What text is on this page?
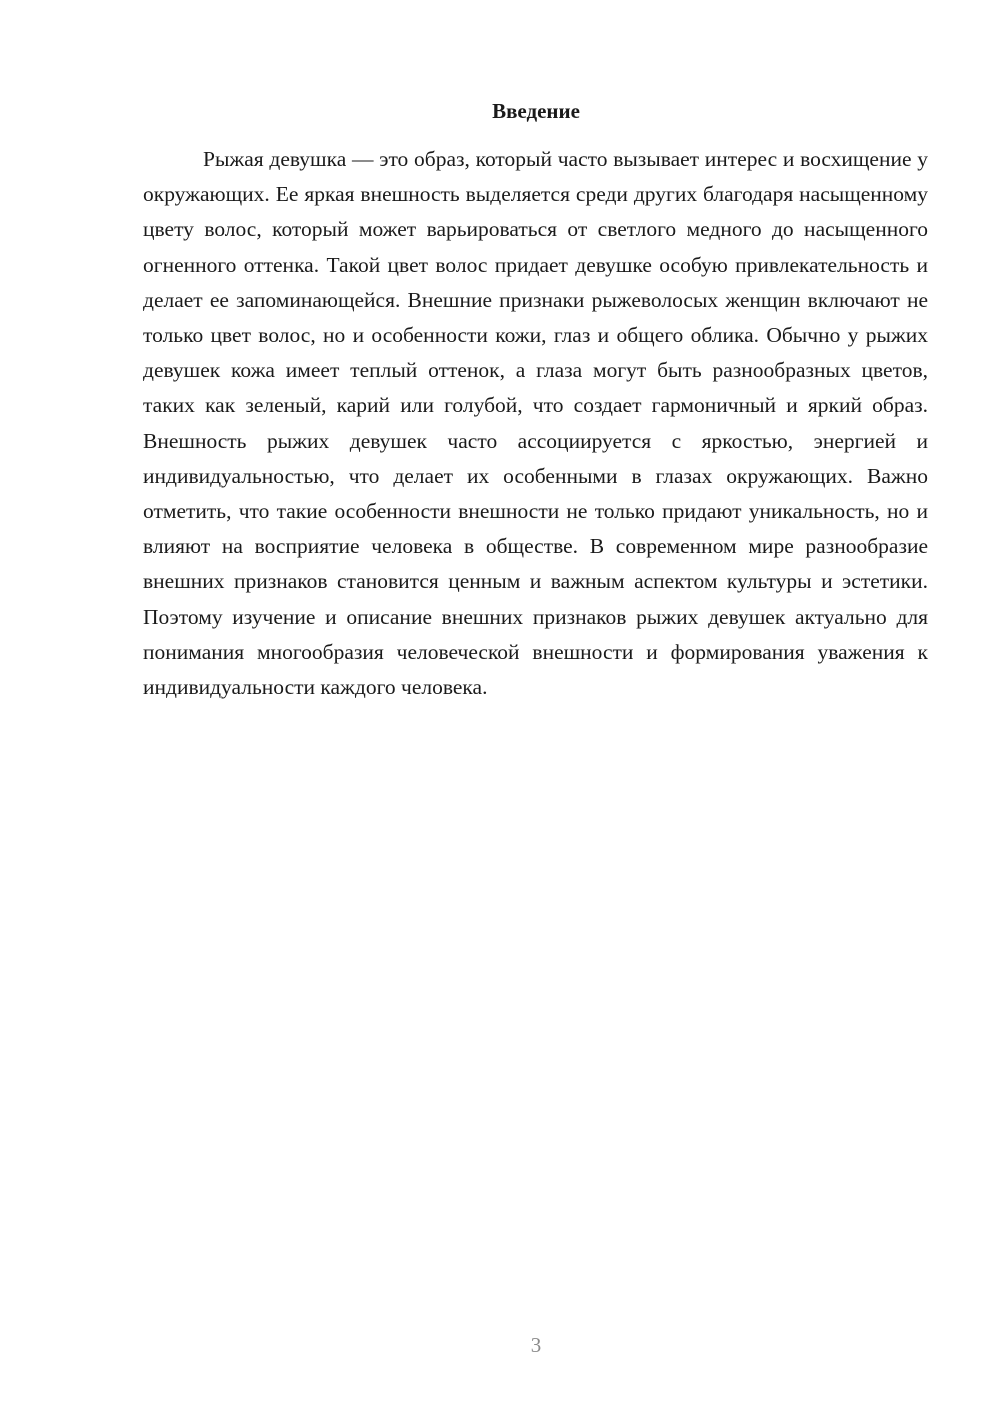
Введение

Рыжая девушка — это образ, который часто вызывает интерес и восхищение у окружающих. Ее яркая внешность выделяется среди других благодаря насыщенному цвету волос, который может варьироваться от светлого медного до насыщенного огненного оттенка. Такой цвет волос придает девушке особую привлекательность и делает ее запоминающейся. Внешние признаки рыжеволосых женщин включают не только цвет волос, но и особенности кожи, глаз и общего облика. Обычно у рыжих девушек кожа имеет теплый оттенок, а глаза могут быть разнообразных цветов, таких как зеленый, карий или голубой, что создает гармоничный и яркий образ. Внешность рыжих девушек часто ассоциируется с яркостью, энергией и индивидуальностью, что делает их особенными в глазах окружающих. Важно отметить, что такие особенности внешности не только придают уникальность, но и влияют на восприятие человека в обществе. В современном мире разнообразие внешних признаков становится ценным и важным аспектом культуры и эстетики. Поэтому изучение и описание внешних признаков рыжих девушек актуально для понимания многообразия человеческой внешности и формирования уважения к индивидуальности каждого человека.

3
